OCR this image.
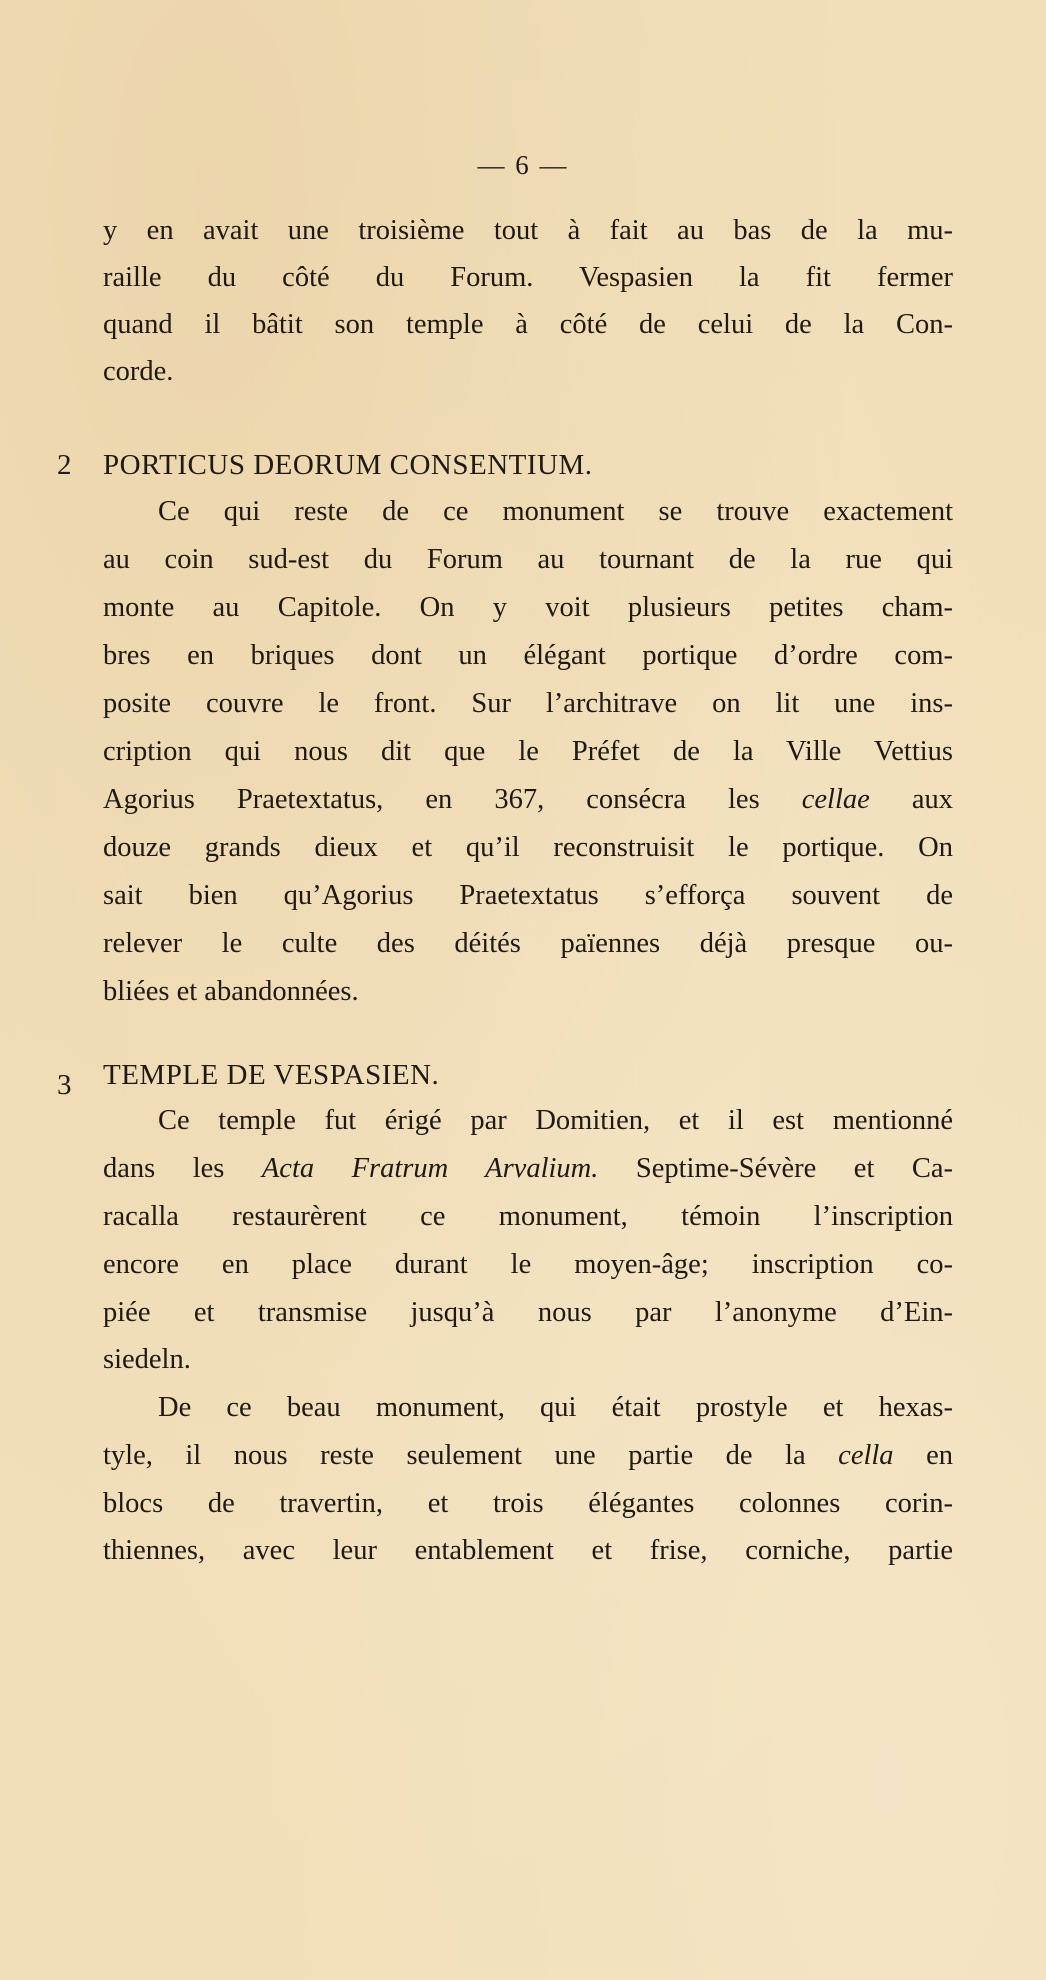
— 6 —
y en avait une troisième tout à fait au bas de la mu-
raille du côté du Forum. Vespasien la fit fermer
quand il bâtit son temple à côté de celui de la Con-
corde.
2 PORTICUS DEORUM CONSENTIUM.
Ce qui reste de ce monument se trouve exactement
au coin sud-est du Forum au tournant de la rue qui
monte au Capitole. On y voit plusieurs petites cham-
bres en briques dont un élégant portique d’ordre com-
posite couvre le front. Sur l’architrave on lit une ins-
cription qui nous dit que le Préfet de la Ville Vettius
Agorius Praetextatus, en 367, consécra les cellae aux
douze grands dieux et qu’il reconstruisit le portique. On
sait bien qu’Agorius Praetextatus s’efforça souvent de
relever le culte des déités païennes déjà presque ou-
bliées et abandonnées.
3 TEMPLE DE VESPASIEN.
Ce temple fut érigé par Domitien, et il est mentionné
dans les Acta Fratrum Arvalium. Septime-Sévère et Ca-
racalla restaurèrent ce monument, témoin l’inscription
encore en place durant le moyen-âge; inscription co-
piée et transmise jusqu’à nous par l’anonyme d’Ein-
siedeln.
De ce beau monument, qui était prostyle et hexas-
tyle, il nous reste seulement une partie de la cella en
blocs de travertin, et trois élégantes colonnes corin-
thiennes, avec leur entablement et frise, corniche, partie
